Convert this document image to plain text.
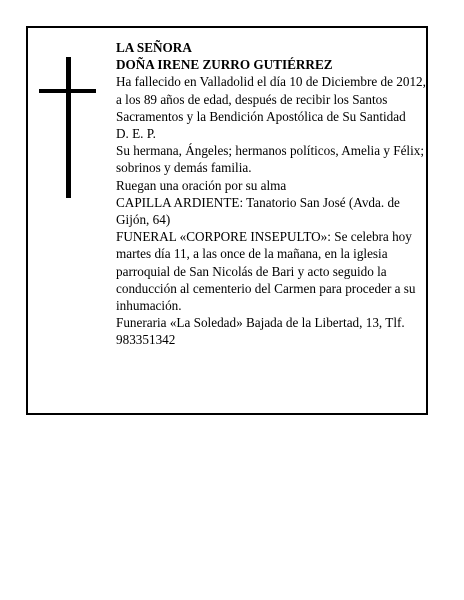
LA SEÑORA
DOÑA IRENE ZURRO GUTIÉRREZ
Ha fallecido en Valladolid el día 10 de Diciembre de 2012, a los 89 años de edad, después de recibir los Santos Sacramentos y la Bendición Apostólica de Su Santidad
D. E. P.
Su hermana, Ángeles; hermanos políticos, Amelia y Félix; sobrinos y demás familia.
Ruegan una oración por su alma
CAPILLA ARDIENTE: Tanatorio San José (Avda. de Gijón, 64)
FUNERAL «CORPORE INSEPULTO»: Se celebra hoy martes día 11, a las once de la mañana, en la iglesia parroquial de San Nicolás de Bari y acto seguido la conducción al cementerio del Carmen para proceder a su inhumación.
Funeraria «La Soledad» Bajada de la Libertad, 13, Tlf. 983351342
